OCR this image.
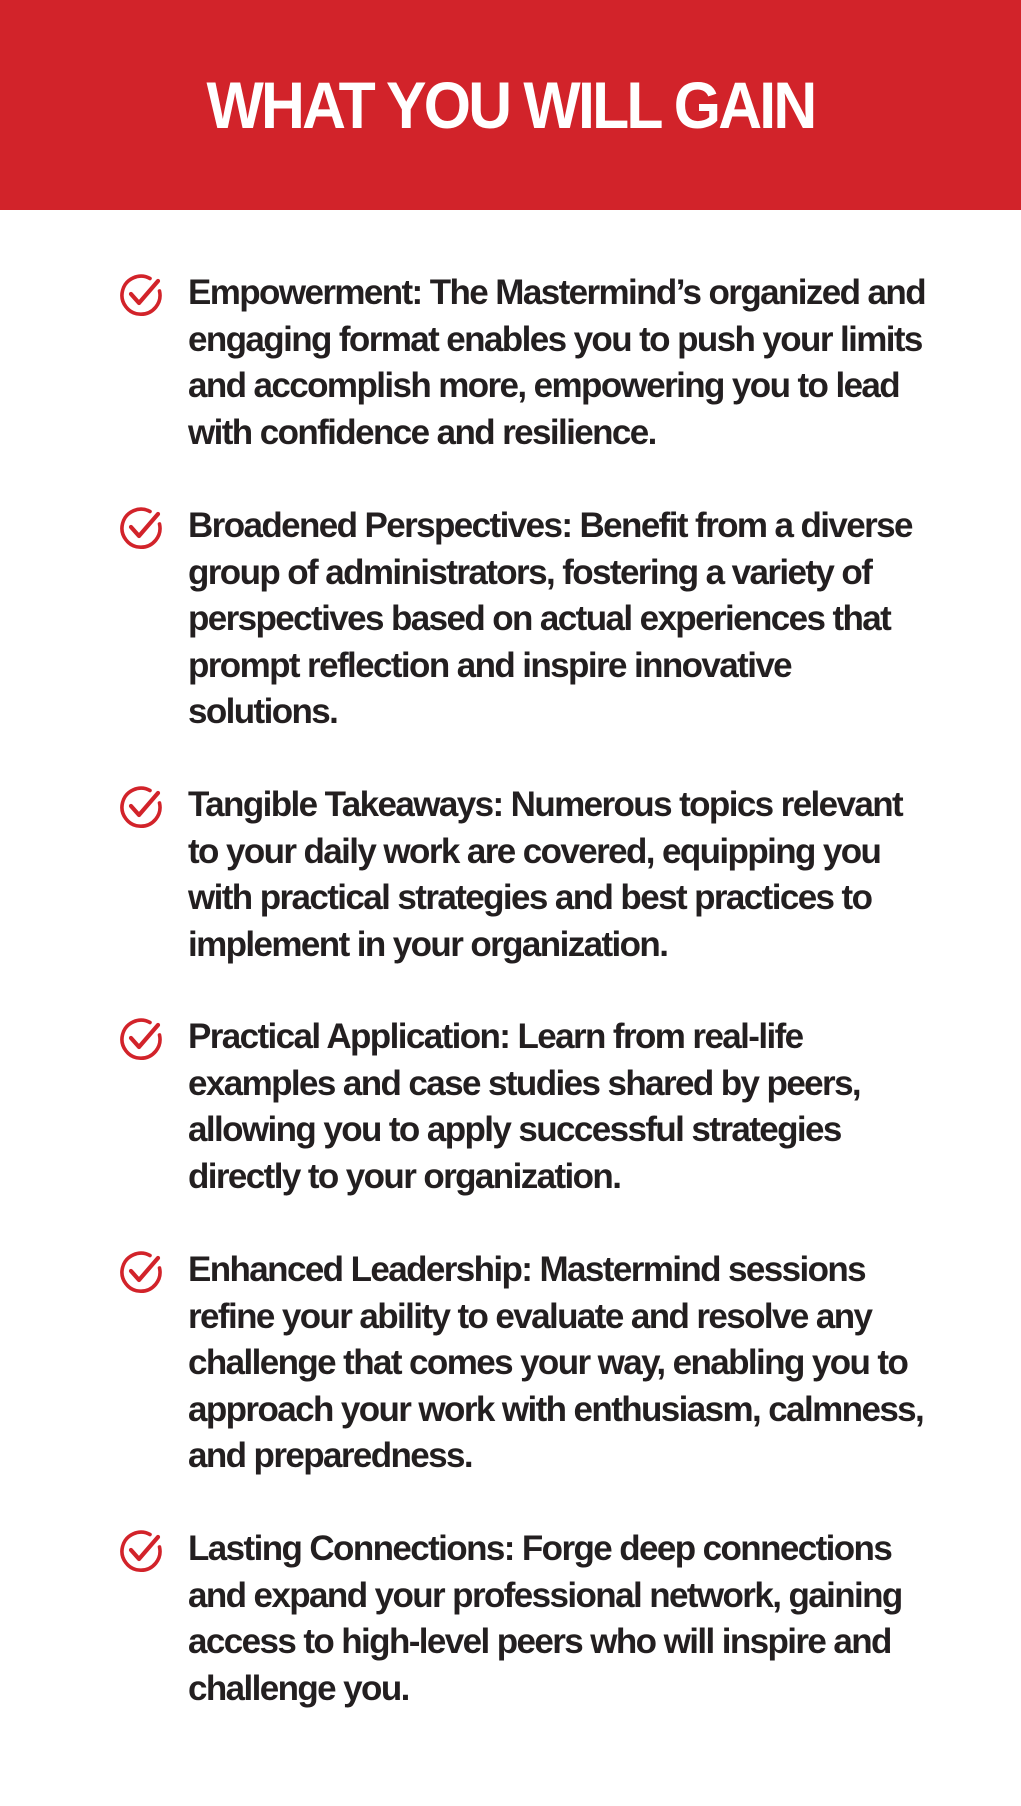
WHAT YOU WILL GAIN

Empowerment: The Mastermind’s organized and engaging format enables you to push your limits and accomplish more, empowering you to lead with confidence and resilience.

Broadened Perspectives: Benefit from a diverse group of administrators, fostering a variety of perspectives based on actual experiences that prompt reflection and inspire innovative solutions.

Tangible Takeaways: Numerous topics relevant to your daily work are covered, equipping you with practical strategies and best practices to implement in your organization.

Practical Application: Learn from real-life examples and case studies shared by peers, allowing you to apply successful strategies directly to your organization.

Enhanced Leadership: Mastermind sessions refine your ability to evaluate and resolve any challenge that comes your way, enabling you to approach your work with enthusiasm, calmness, and preparedness.

Lasting Connections: Forge deep connections and expand your professional network, gaining access to high-level peers who will inspire and challenge you.
